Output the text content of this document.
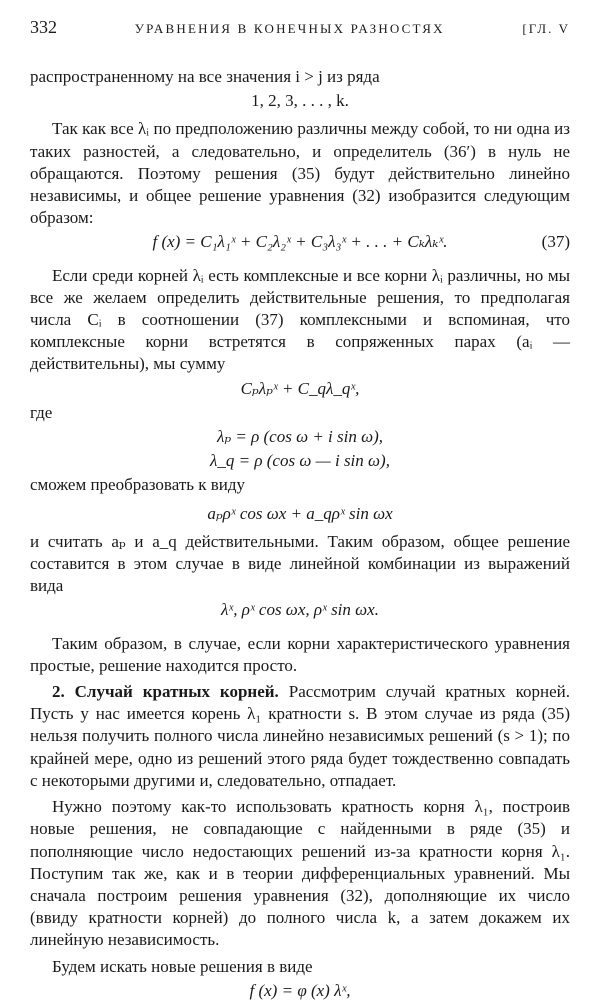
332	УРАВНЕНИЯ В КОНЕЧНЫХ РАЗНОСТЯХ	[ГЛ. V

распространенному на все значения i > j из ряда

1, 2, 3, . . . , k.

Так как все λᵢ по предположению различны между собой, то ни одна из таких разностей, а следовательно, и определитель (36′) в нуль не обращаются. Поэтому решения (35) будут действительно линейно независимы, и общее решение уравнения (32) изобразится следующим образом:

f (x) = C₁λ₁ˣ + C₂λ₂ˣ + C₃λ₃ˣ + . . . + Cₖλₖˣ.	(37)

Если среди корней λᵢ есть комплексные и все корни λᵢ различны, но мы все же желаем определить действительные решения, то предполагая числа Cᵢ в соотношении (37) комплексными и вспоминая, что комплексные корни встретятся в сопряженных парах (aᵢ — действительны), мы сумму

Cₚλₚˣ + C_qλ_qˣ,

где

λₚ = ρ (cos ω + i sin ω),
λ_q = ρ (cos ω — i sin ω),

сможем преобразовать к виду

aₚρˣ cos ωx + a_qρˣ sin ωx

и считать aₚ и a_q действительными. Таким образом, общее решение составится в этом случае в виде линейной комбинации из выражений вида

λˣ, ρˣ cos ωx, ρˣ sin ωx.

Таким образом, в случае, если корни характеристического уравнения простые, решение находится просто.

2. Случай кратных корней. Рассмотрим случай кратных корней. Пусть у нас имеется корень λ₁ кратности s. В этом случае из ряда (35) нельзя получить полного числа линейно независимых решений (s > 1); по крайней мере, одно из решений этого ряда будет тождественно совпадать с некоторыми другими и, следовательно, отпадает.

Нужно поэтому как-то использовать кратность корня λ₁, построив новые решения, не совпадающие с найденными в ряде (35) и пополняющие число недостающих решений из-за кратности корня λ₁. Поступим так же, как и в теории дифференциальных уравнений. Мы сначала построим решения уравнения (32), дополняющие их число (ввиду кратности корней) до полного числа k, а затем докажем их линейную независимость.

Будем искать новые решения в виде

f (x) = φ (x) λˣ,
